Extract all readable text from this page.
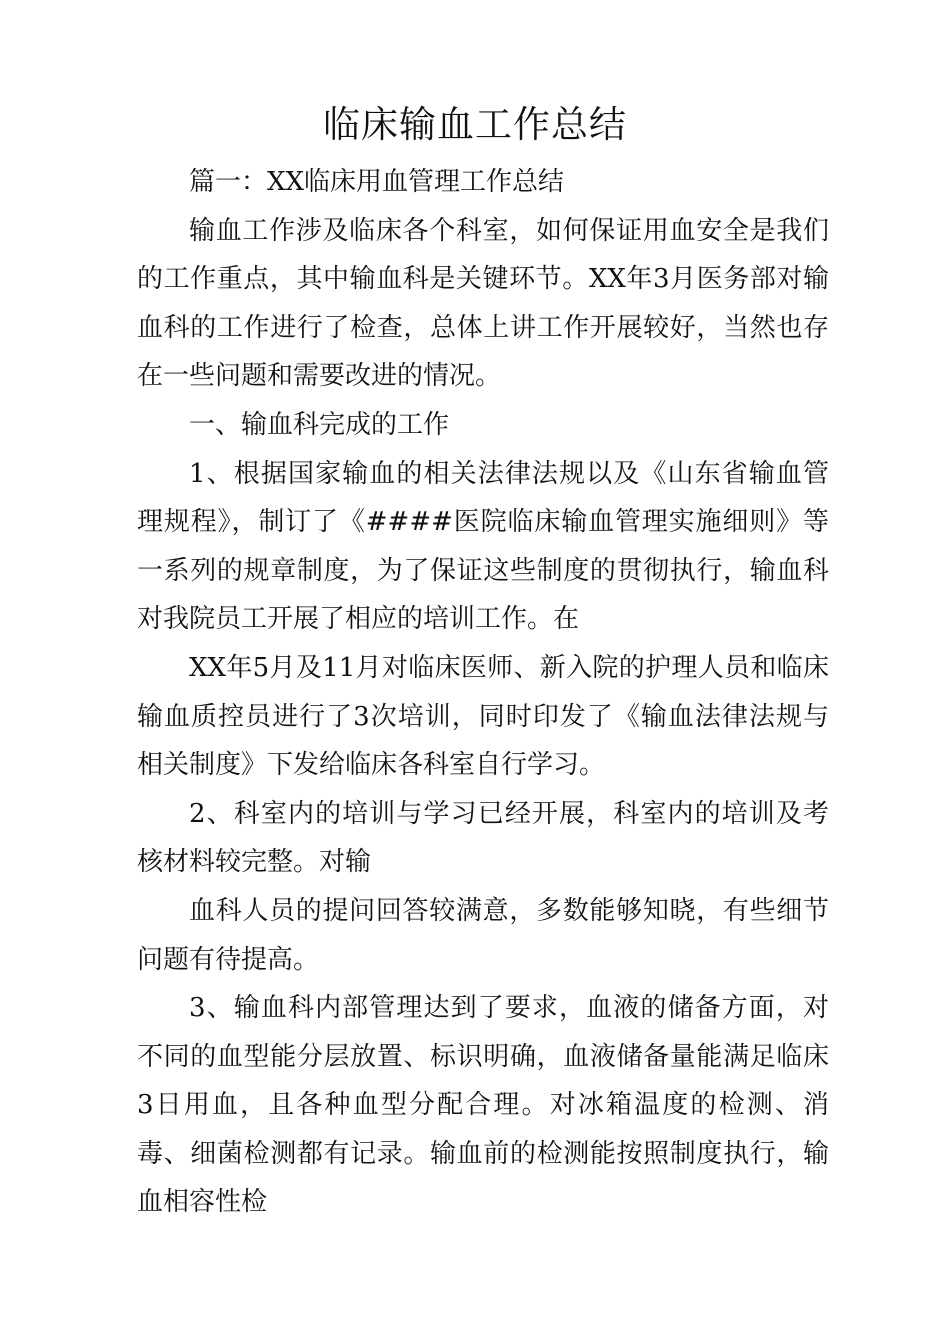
临床输血工作总结

篇一：XX临床用血管理工作总结

输血工作涉及临床各个科室，如何保证用血安全是我们的工作重点，其中输血科是关键环节。XX年3月医务部对输血科的工作进行了检查，总体上讲工作开展较好，当然也存在一些问题和需要改进的情况。

一、输血科完成的工作

1、根据国家输血的相关法律法规以及《山东省输血管理规程》，制订了《####医院临床输血管理实施细则》等一系列的规章制度，为了保证这些制度的贯彻执行，输血科对我院员工开展了相应的培训工作。在

XX年5月及11月对临床医师、新入院的护理人员和临床输血质控员进行了3次培训，同时印发了《输血法律法规与相关制度》下发给临床各科室自行学习。

2、科室内的培训与学习已经开展，科室内的培训及考核材料较完整。对输

血科人员的提问回答较满意，多数能够知晓，有些细节问题有待提高。

3、输血科内部管理达到了要求，血液的储备方面，对不同的血型能分层放置、标识明确，血液储备量能满足临床3日用血，且各种血型分配合理。对冰箱温度的检测、消毒、细菌检测都有记录。输血前的检测能按照制度执行，输血相容性检
